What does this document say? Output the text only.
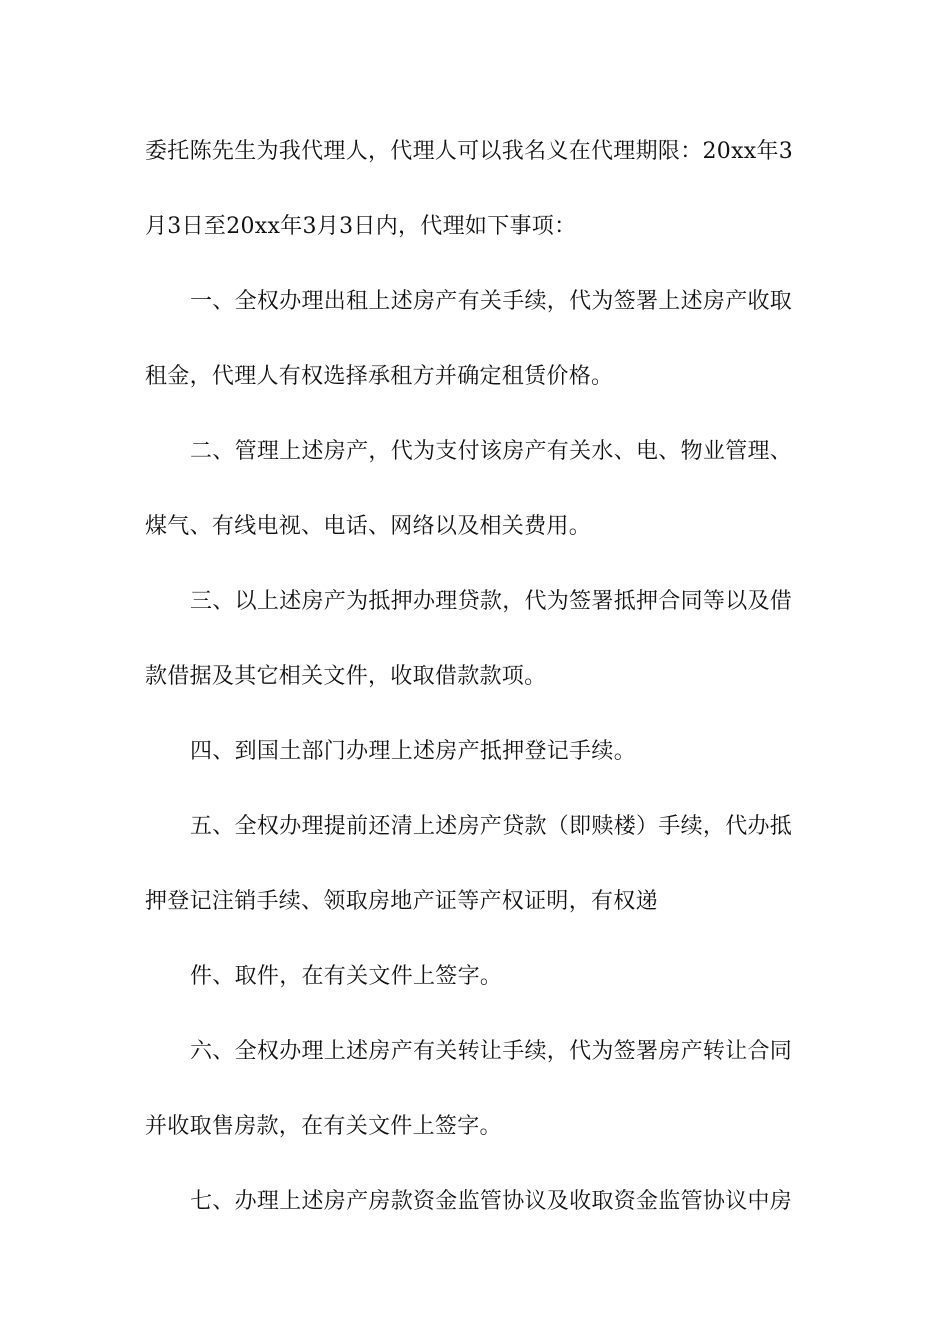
委托陈先生为我代理人，代理人可以我名义在代理期限：20xx年3
月3日至20xx年3月3日内，代理如下事项：
一、全权办理出租上述房产有关手续，代为签署上述房产收取
租金，代理人有权选择承租方并确定租赁价格。
二、管理上述房产，代为支付该房产有关水、电、物业管理、
煤气、有线电视、电话、网络以及相关费用。
三、以上述房产为抵押办理贷款，代为签署抵押合同等以及借
款借据及其它相关文件，收取借款款项。
四、到国土部门办理上述房产抵押登记手续。
五、全权办理提前还清上述房产贷款（即赎楼）手续，代办抵
押登记注销手续、领取房地产证等产权证明，有权递
件、取件，在有关文件上签字。
六、全权办理上述房产有关转让手续，代为签署房产转让合同
并收取售房款，在有关文件上签字。
七、办理上述房产房款资金监管协议及收取资金监管协议中房
